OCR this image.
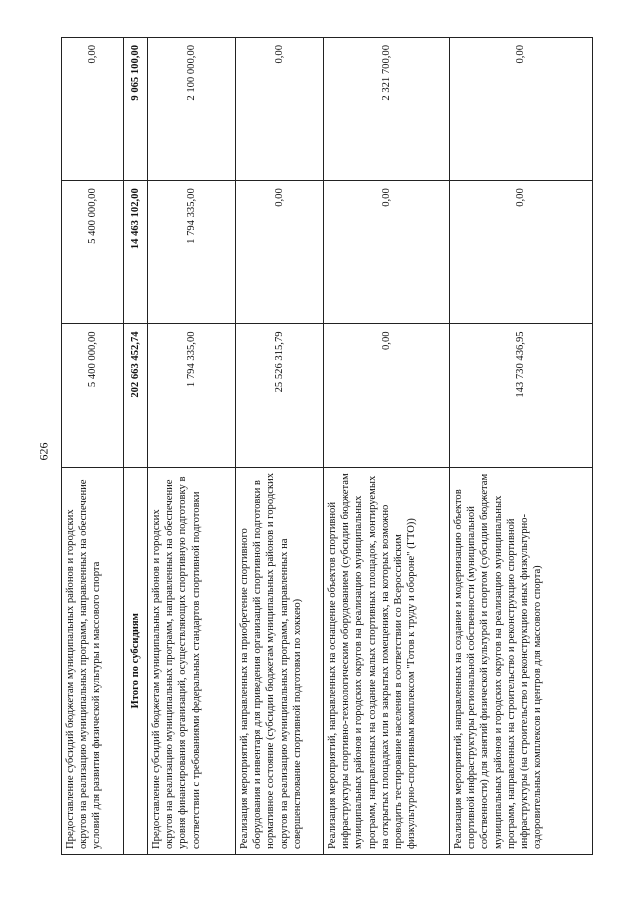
626
Предоставление субсидий бюджетам муниципальных районов и городских округов на реализацию муниципальных программ, направленных на обеспечение условий для развития физической культуры и массового спорта	5 400 000,00	5 400 000,00	0,00
Итого по субсидиям	202 663 452,74	14 463 102,00	9 065 100,00
Предоставление субсидий бюджетам муниципальных районов и городских округов на реализацию муниципальных программ, направленных на обеспечение уровня финансирования организаций, осуществляющих спортивную подготовку в соответствии с требованиями федеральных стандартов спортивной подготовки	1 794 335,00	1 794 335,00	2 100 000,00
Реализация мероприятий, направленных на приобретение спортивного оборудования и инвентаря для приведения организаций спортивной подготовки в нормативное состояние (субсидии бюджетам муниципальных районов и городских округов на реализацию муниципальных программ, направленных на совершенствование спортивной подготовки по хоккею)	25 526 315,79	0,00	0,00
Реализация мероприятий, направленных на оснащение объектов спортивной инфраструктуры спортивно-технологическим оборудованием (субсидии бюджетам муниципальных районов и городских округов на реализацию муниципальных программ, направленных на создание малых спортивных площадок, монтируемых на открытых площадках или в закрытых помещениях, на которых возможно проводить тестирование населения в соответствии со Всероссийским физкультурно-спортивным комплексом "Готов к труду и обороне" (ГТО))	0,00	0,00	2 321 700,00
Реализация мероприятий, направленных на создание и модернизацию объектов спортивной инфраструктуры региональной собственности (муниципальной собственности) для занятий физической культурой и спортом (субсидии бюджетам муниципальных районов и городских округов на реализацию муниципальных программ, направленных на строительство и реконструкцию спортивной инфраструктуры (на строительство и реконструкцию иных физкультурно-оздоровительных комплексов и центров для массового спорта)	143 730 436,95	0,00	0,00
